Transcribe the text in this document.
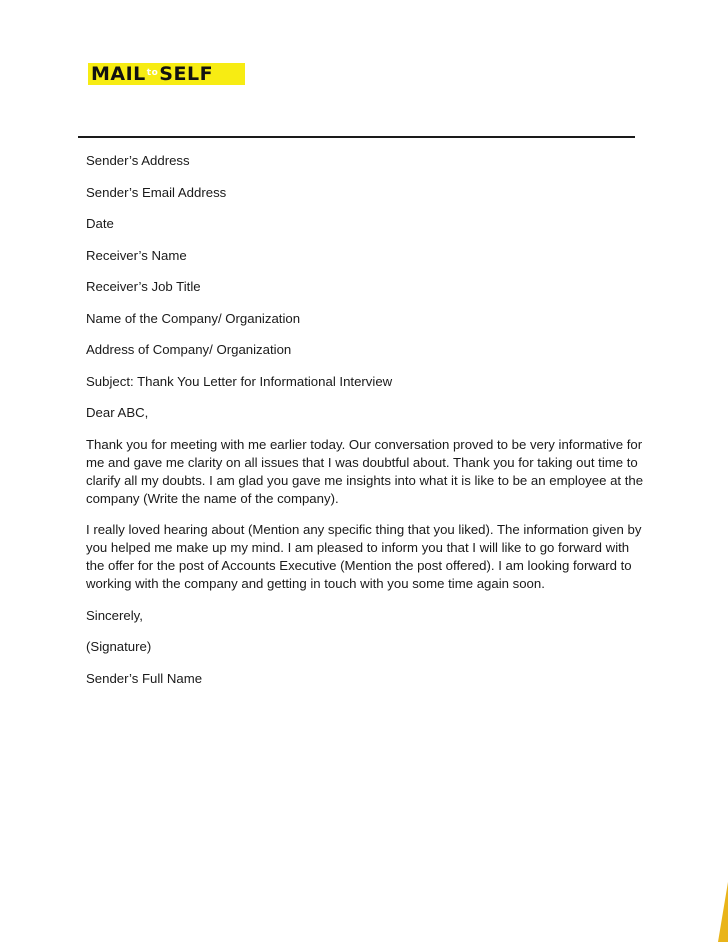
MAIL to SELF

Sender’s Address

Sender’s Email Address

Date

Receiver’s Name

Receiver’s Job Title

Name of the Company/ Organization

Address of Company/ Organization

Subject: Thank You Letter for Informational Interview

Dear ABC,

Thank you for meeting with me earlier today. Our conversation proved to be very informative for me and gave me clarity on all issues that I was doubtful about. Thank you for taking out time to clarify all my doubts. I am glad you gave me insights into what it is like to be an employee at the company (Write the name of the company).

I really loved hearing about (Mention any specific thing that you liked). The information given by you helped me make up my mind. I am pleased to inform you that I will like to go forward with the offer for the post of Accounts Executive (Mention the post offered). I am looking forward to working with the company and getting in touch with you some time again soon.

Sincerely,

(Signature)

Sender’s Full Name
